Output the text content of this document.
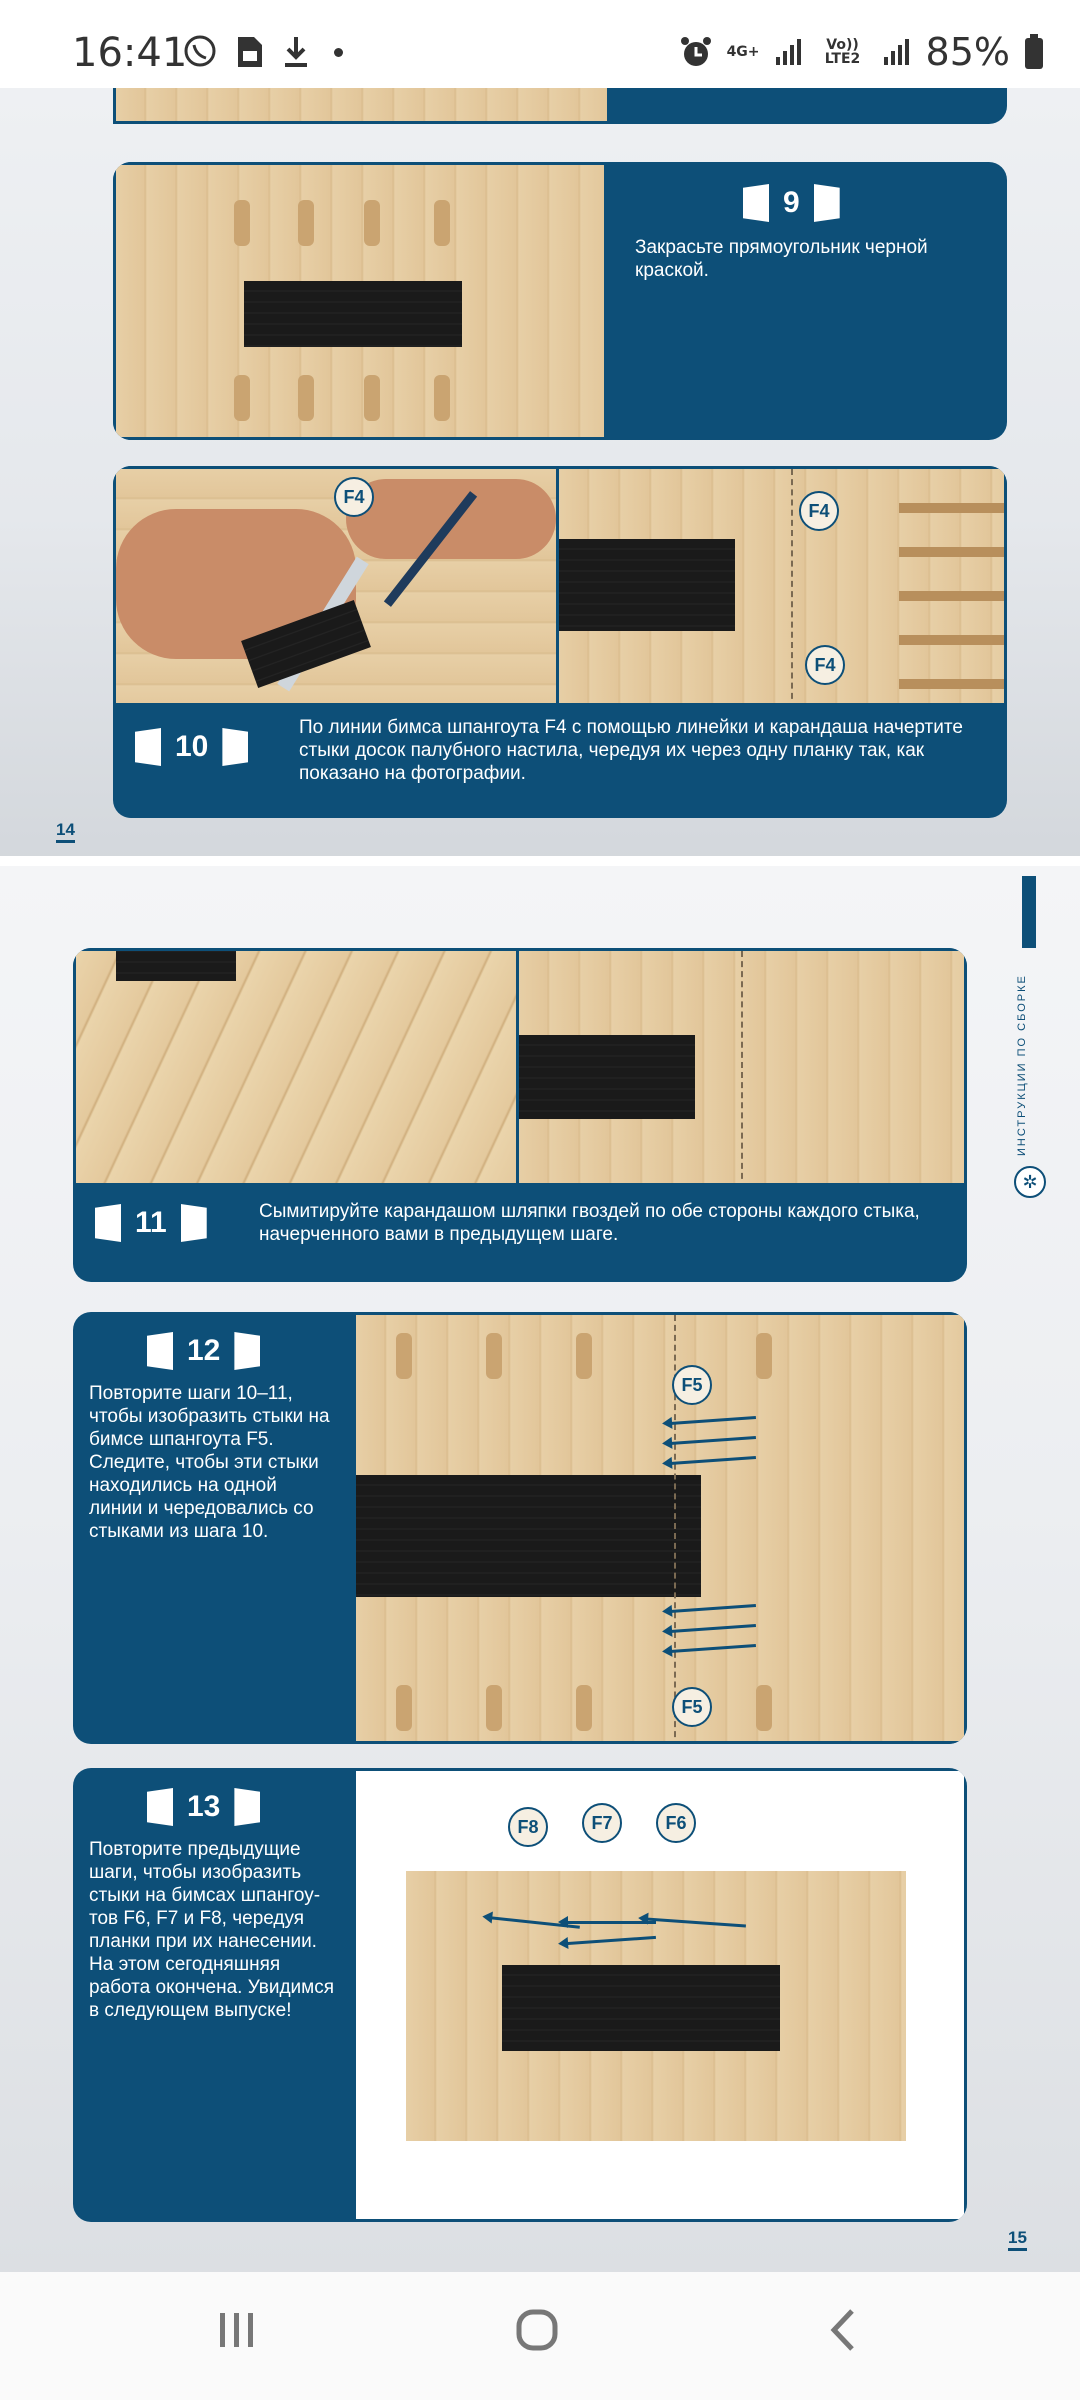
16:41	4G+	Vo)) LTE2 85%
9
Закрасьте прямоугольник черной краской.
F4
F4
F4
10
По линии бимса шпангоута F4 с помощью линейки и карандаша начертите стыки досок палубного настила, чередуя их через одну планку так, как показано на фотографии.
14
11	Сымитируйте карандашом шляпки гвоздей по обе стороны каждого стыка, начерченного вами в предыдущем шаге.
12
Повторите шаги 10–11, чтобы изобразить стыки на бимсе шпангоута F5. Следите, чтобы эти стыки находились на одной линии и чередовались со стыками из шага 10.
F5
F5
13
Повторите предыдущие шаги, чтобы изобразить стыки на бимсах шпангоу-тов F6, F7 и F8, чередуя планки при их нанесении. На этом сегодняшняя работа окончена. Увидимся в следующем выпуске!
F8	F7	F6
15
ИНСТРУКЦИИ ПО СБОРКЕ
✲
